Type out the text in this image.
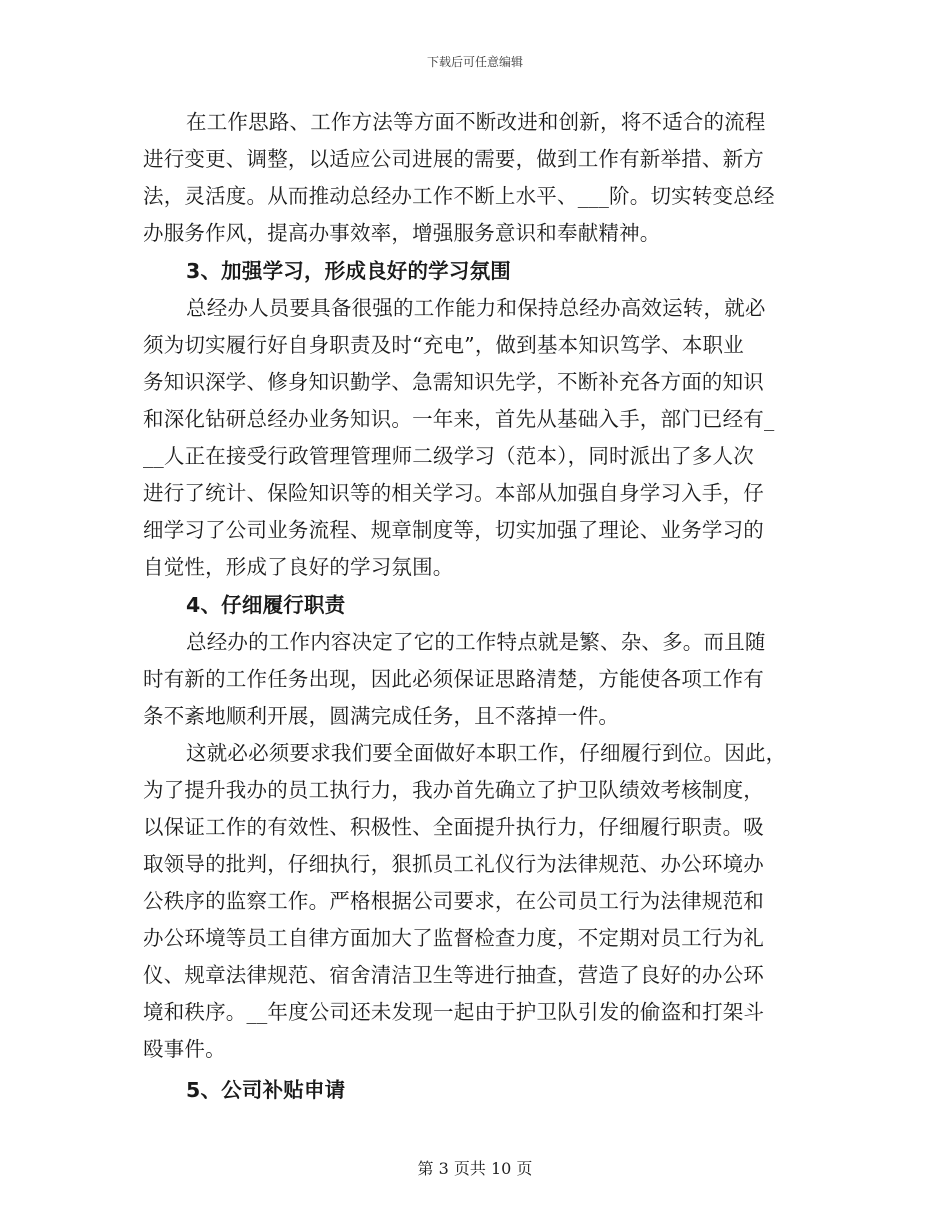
下载后可任意编辑
在工作思路、工作方法等方面不断改进和创新，将不适合的流程
进行变更、调整，以适应公司进展的需要，做到工作有新举措、新方
法，灵活度。从而推动总经办工作不断上水平、___阶。切实转变总经
办服务作风，提高办事效率，增强服务意识和奉献精神。
3、加强学习，形成良好的学习氛围
总经办人员要具备很强的工作能力和保持总经办高效运转，就必
须为切实履行好自身职责及时“充电”，做到基本知识笃学、本职业
务知识深学、修身知识勤学、急需知识先学，不断补充各方面的知识
和深化钻研总经办业务知识。一年来，首先从基础入手，部门已经有_
__人正在接受行政管理管理师二级学习（范本），同时派出了多人次
进行了统计、保险知识等的相关学习。本部从加强自身学习入手，仔
细学习了公司业务流程、规章制度等，切实加强了理论、业务学习的
自觉性，形成了良好的学习氛围。
4、仔细履行职责
总经办的工作内容决定了它的工作特点就是繁、杂、多。而且随
时有新的工作任务出现，因此必须保证思路清楚，方能使各项工作有
条不紊地顺利开展，圆满完成任务，且不落掉一件。
这就必必须要求我们要全面做好本职工作，仔细履行到位。因此，
为了提升我办的员工执行力，我办首先确立了护卫队绩效考核制度，
以保证工作的有效性、积极性、全面提升执行力，仔细履行职责。吸
取领导的批判，仔细执行，狠抓员工礼仪行为法律规范、办公环境办
公秩序的监察工作。严格根据公司要求，在公司员工行为法律规范和
办公环境等员工自律方面加大了监督检查力度，不定期对员工行为礼
仪、规章法律规范、宿舍清洁卫生等进行抽查，营造了良好的办公环
境和秩序。__年度公司还未发现一起由于护卫队引发的偷盗和打架斗
殴事件。
5、公司补贴申请
第 3 页共 10 页
